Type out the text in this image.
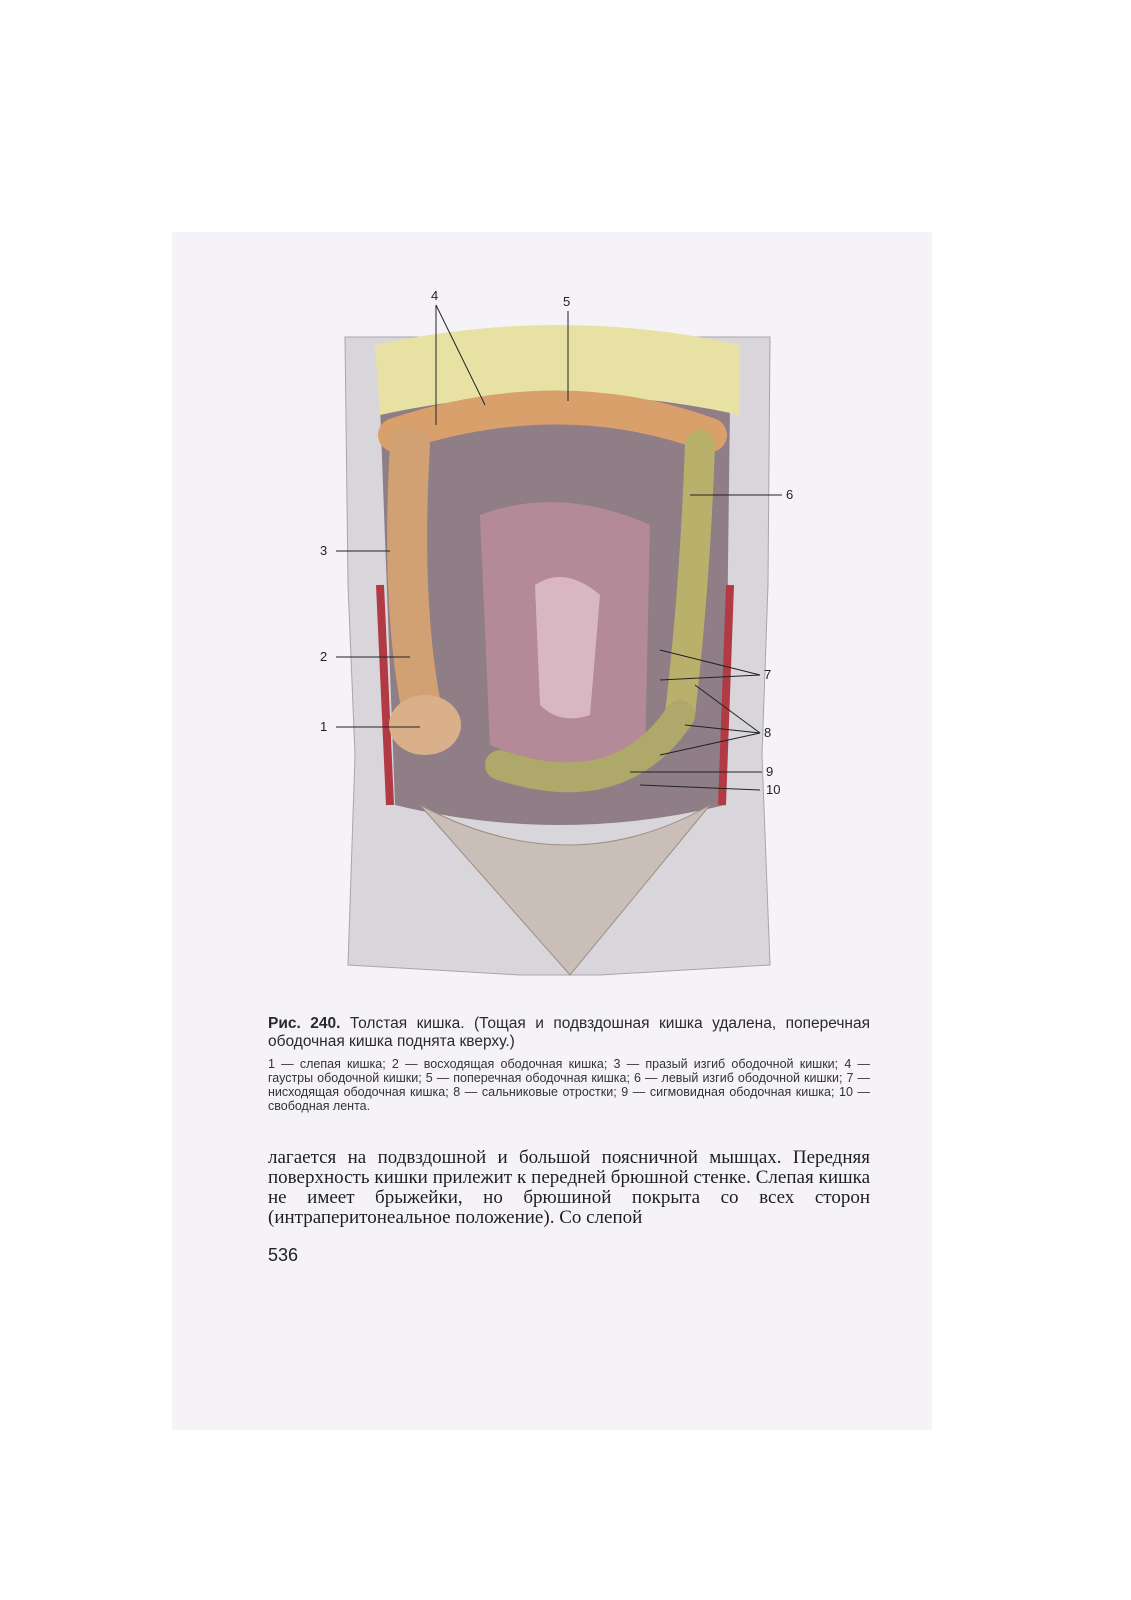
3
2
1
4	5
6
7
8
9
10

Рис. 240. Толстая кишка. (Тощая и подвздошная кишка удалена, поперечная ободочная кишка поднята кверху.)

1 — слепая кишка; 2 — восходящая ободочная кишка; 3 — празый изгиб ободочной кишки; 4 — гаустры ободочной кишки; 5 — поперечная ободочная кишка; 6 — левый изгиб ободочной кишки; 7 — нисходящая ободочная кишка; 8 — сальниковые отростки; 9 — сигмовидная ободочная кишка; 10 — свободная лента.

лагается на подвздошной и большой поясничной мышцах. Передняя поверхность кишки прилежит к передней брюшной стенке. Слепая кишка не имеет брыжейки, но брюшиной покрыта со всех сторон (интраперитонеальное положение). Со слепой

536
